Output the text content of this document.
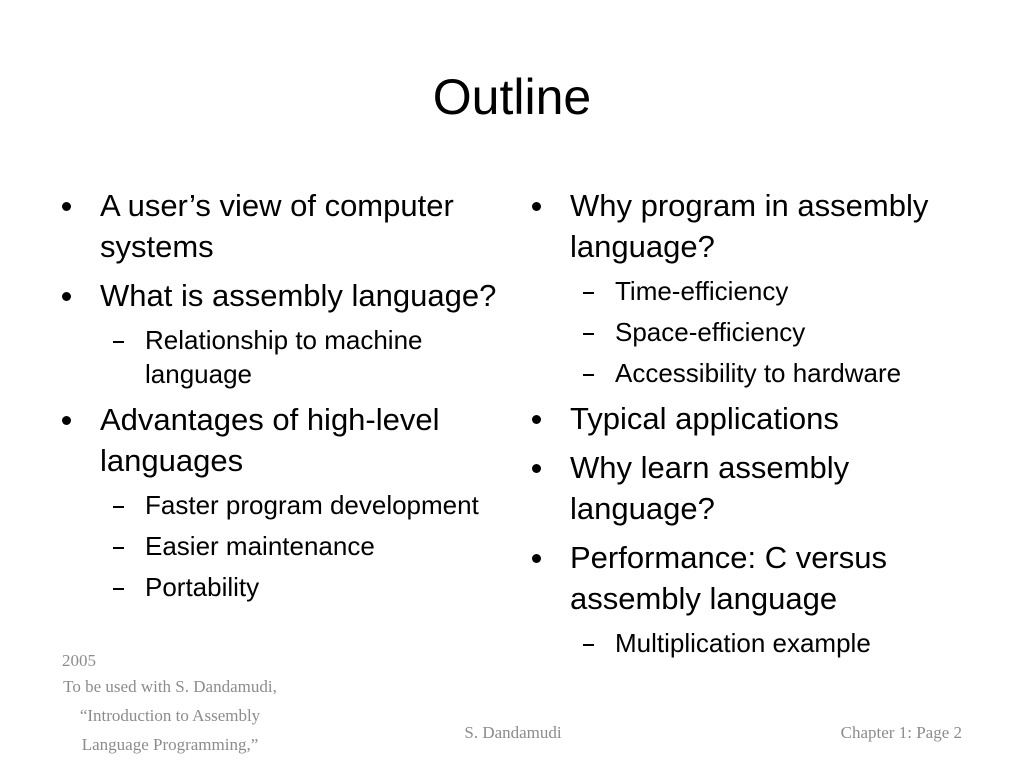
Outline
A user’s view of computer systems
What is assembly language?
Relationship to machine language
Advantages of high-level languages
Faster program development
Easier maintenance
Portability
Why program in assembly language?
Time-efficiency
Space-efficiency
Accessibility to hardware
Typical applications
Why learn assembly language?
Performance: C versus assembly language
Multiplication example
2005
To be used with S. Dandamudi,
“Introduction to Assembly
Language Programming,”
S. Dandamudi	Chapter 1: Page 2
